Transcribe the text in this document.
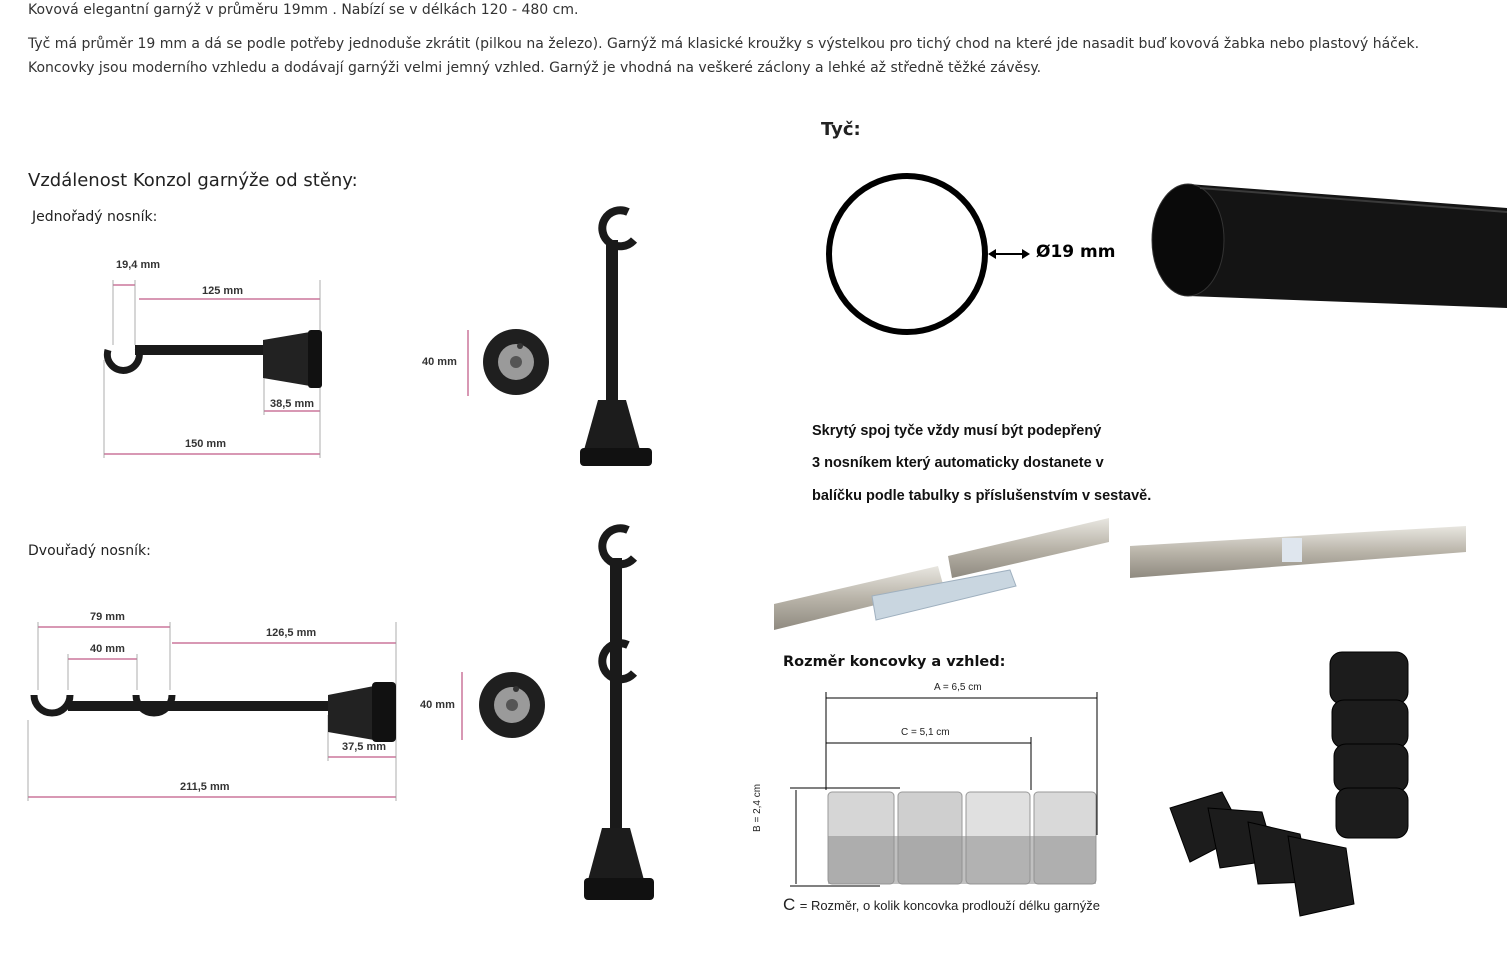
Kovová elegantní garnýž v průměru 19mm . Nabízí se v délkách 120 - 480 cm.
Tyč má průměr 19 mm a dá se podle potřeby jednoduše zkrátit (pilkou na železo). Garnýž má klasické kroužky s výstelkou pro tichý chod na které jde nasadit buď kovová žabka nebo plastový háček.
Koncovky jsou moderního vzhledu a dodávají garnýži velmi jemný vzhled. Garnýž je vhodná na veškeré záclony a lehké až středně těžké závěsy.
Vzdálenost Konzol garnýže od stěny:
Jednořadý nosník:
Dvouřadý nosník:
19,4 mm
125 mm
38,5 mm
150 mm
40 mm
79 mm
40 mm
126,5 mm
37,5 mm
211,5 mm
40 mm
Tyč:
Ø19 mm
Skrytý spoj tyče vždy musí být podepřený
3 nosníkem který automaticky dostanete v
balíčku podle tabulky s příslušenstvím v sestavě.
Rozměr koncovky a vzhled:
A = 6,5 cm
C = 5,1 cm
B = 2,4 cm
C = Rozměr, o kolik koncovka prodlouží délku garnýže
